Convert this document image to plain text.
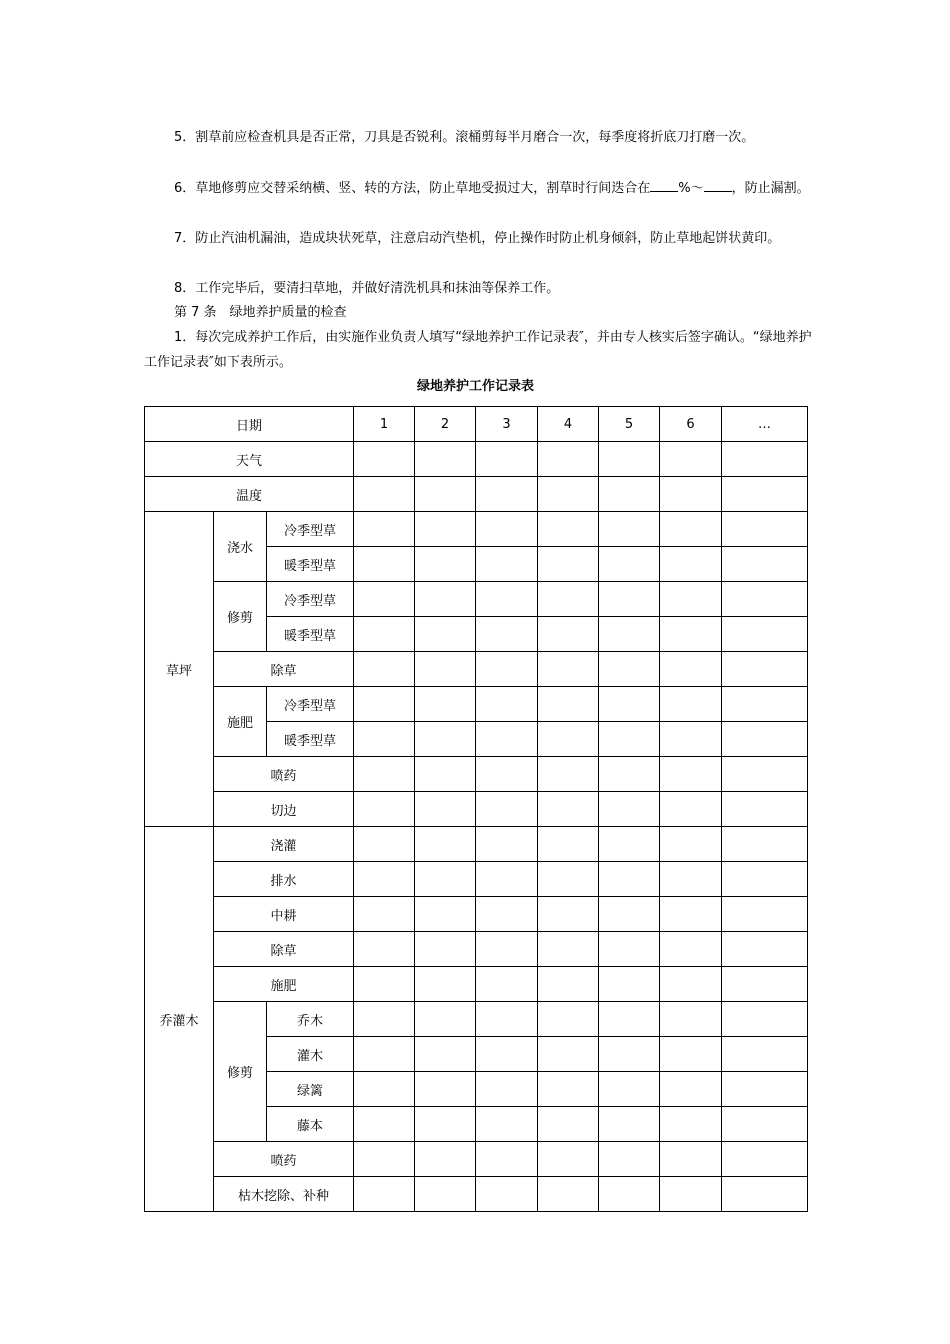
5．割草前应检查机具是否正常，刀具是否锐利。滚桶剪每半月磨合一次，每季度将折底刀打磨一次。
6．草地修剪应交替采纳横、竖、转的方法，防止草地受损过大，割草时行间迭合在 %～ ，防止漏割。
7．防止汽油机漏油，造成块状死草，注意启动汽垫机，停止操作时防止机身倾斜，防止草地起饼状黄印。
8．工作完毕后，要清扫草地，并做好清洗机具和抹油等保养工作。
第 7 条　绿地养护质量的检查
1．每次完成养护工作后，由实施作业负责人填写“绿地养护工作记录表″，并由专人核实后签字确认。“绿地养护工作记录表″如下表所示。
绿地养护工作记录表
日期			1	2	3	4	5	6	…
天气									
温度									
草坪	浇水	冷季型草							
		暖季型草							
	修剪	冷季型草							
		暖季型草							
	除草								
	施肥	冷季型草							
		暖季型草							
	喷药								
	切边								
乔灌木	浇灌								
	排水								
	中耕								
	除草								
	施肥								
	修剪	乔木							
		灌木							
		绿篱							
		藤本							
	喷药								
	枯木挖除、补种								
